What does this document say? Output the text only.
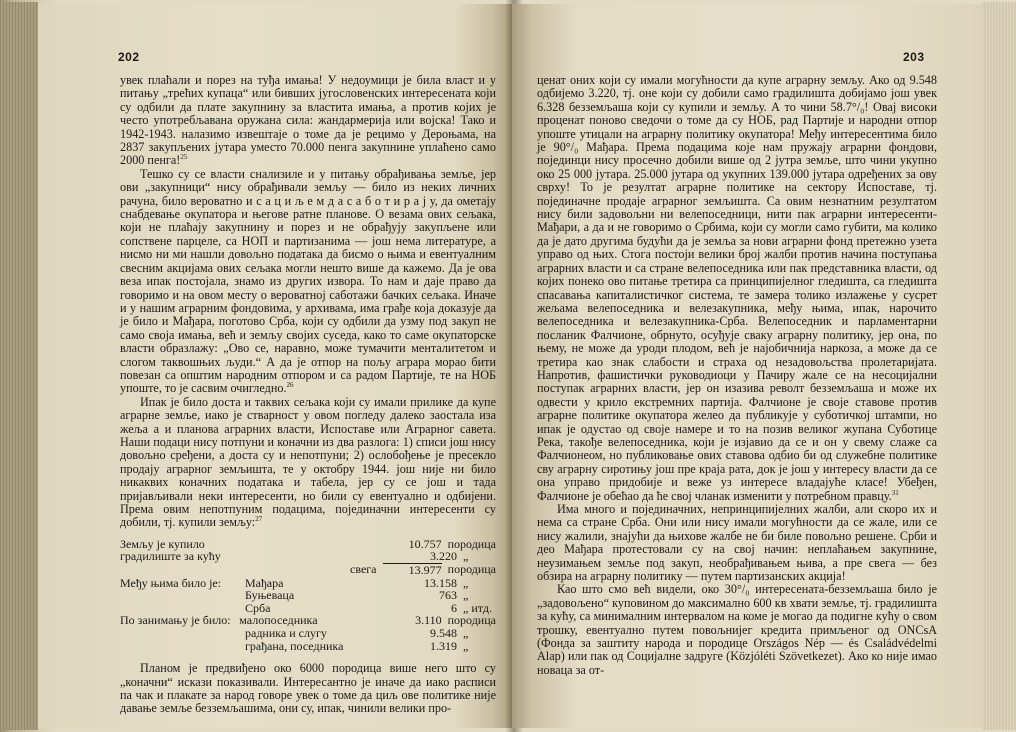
202

увек плаћали и порез на туђа имања! У недоумици је била власт и у питању „трећих купаца“ или бивших југословенских интересената који су одбили да плате закупнину за властита имања, а против којих је често употребљавана оружана сила: жандармерија или војска! Тако и 1942-1943. налазимо извештаје о томе да је рецимо у Дероњама, на 2837 закупљених јутара уместо 70.000 пенга закупнине уплаћено само 2000 пенга!$^{25}$

Тешко су се власти снализиле и у питању обрађивања земље, јер ови „закупници“ нису обрађивали земљу — било из неких личних рачуна, било вероватно и с а ц и љ е м д а с а б о т и р а ј у, да ометају снабдевање окупатора и његове ратне планове. О везама ових сељака, који не плаћају закупнину и порез и не обрађују закупљене или сопствене парцеле, са НОП и партизанима — још нема литературе, а нисмо ни ми нашли довољно података да бисмо о њима и евентуалним свесним акцијама ових сељака могли нешто више да кажемо. Да је ова веза ипак постојала, знамо из других извора. То нам и даје право да говоримо и на овом месту о вероватној саботажи бачких сељака. Иначе и у нашим аграрним фондовима, у архивама, има грађе која доказује да је било и Мађара, поготово Срба, који су одбили да узму под закуп не само своја имања, већ и земљу својих суседа, како то саме окупаторске власти образлажу: „Ово се, наравно, може тумачити менталитетом и слогом таквошњих људи.“ А да је отпор на пољу аграра морао бити повезан са општим народним отпором и са радом Партије, те на НОБ упоште, то је сасвим очигледно.$^{26}$

Ипак је било доста и таквих сељака који су имали прилике да купе аграрне земље, иако је стварност у овом погледу далеко заостала иза жеља а и планова аграрних власти, Испоставе или Аграрног савета. Наши подаци нису потпуни и коначни из два разлога: 1) списи још нису довољно сређени, а доста су и непотпуни; 2) ослобођење је пресекло продају аграрног земљишта, те у октобру 1944. још није ни било никаквих коначних података и табела, јер су се још и тада пријављивали неки интересенти, но били су евентуално и одбијени. Према овим непотпуним подацима, појединачни интересенти су добили, тј. купили земљу:$^{27}$

Земљу је купило	10.757 породица
градилиште за кућу	3.220 „
свега	13.977 породица
Међу њима било је:	Мађара	13.158 „
Буњеваца	763 „
Срба	6 „ итд.
По занимању је било: малопоседника	3.110 породица
радника и слугу	9.548 „
грађана, поседника	1.319 „

Планом је предвиђено око 6000 породица више него што су „коначни“ искази показивали. Интересантно је иначе да иако расписи па чак и плакате за народ говоре увек о томе да циљ ове политике није давање земље безземљашима, они су, ипак, чинили велики про-

203

ценат оних који су имали могућности да купе аграрну земљу. Ако од 9.548 одбијемо 3.220, тј. оне који су добили само градилишта добијамо још увек 6.328 безземљаша који су купили и земљу. А то чини 58.7°/₀! Овај високи проценат поново сведочи о томе да су НОБ, рад Партије и народни отпор упоште утицали на аграрну политику окупатора! Међу интересентима било је 90°/₀ Мађара. Према подацима које нам пружају аграрни фондови, појединци нису просечно добили више од 2 јутра земље, што чини укупно око 25 000 јутара. 25.000 јутара од укупних 139.000 јутара одређених за ову сврху! То је резултат аграрне политике на сектору Испоставе, тј. појединачне продаје аграрног земљишта. Са овим незнатним резултатом нису били задовољни ни велепоседници, нити пак аграрни интересенти-Мађари, а да и не говоримо о Србима, који су могли само губити, ма колико да је дато другима будући да је земља за нови аграрни фонд претежно узета управо од њих. Стога постоји велики број жалби против начина поступања аграрних власти и са стране велепоседника или пак представника власти, од којих понеко ово питање третира са принципијелног гледишта, са гледишта спасавања капиталистичког система, те замера толико излажење у сусрет жељама велепоседника и велезакупника, међу њима, ипак, нарочито велепоседника и велезакупника-Срба. Велепоседник и парламентарни посланик Фалчионе, обрнуто, осуђује сваку аграрну политику, јер она, по њему, не може да уроди плодом, већ је најобичнија наркоза, а може да се третира као знак слабости и страха од незадовољства пролетаријата. Напротив, фашистички руководиоци у Пачиру жале се на несоцијални поступак аграрних власти, јер он изазива револт безземљаша и може их одвести у крило екстремних партија. Фалчионе је своје ставове против аграрне политике окупатора желео да публикује у суботичкој штампи, но ипак је одустао од своје намере и то на позив великог жупана Суботице Река, такође велепоседника, који је изјавио да се и он у свему слаже са Фалчионеом, но публиковање ових ставова одбио би од служебне политике сву аграрну сиротињу још пре краја рата, док је још у интересу власти да се она управо придобије и веже уз интересе владајуће класе! Убеђен, Фалчионе је обећао да ће свој чланак изменити у потребном правцу.$^{31}$

Има много и појединачних, непринципијелних жалби, али скоро их и нема са стране Срба. Они или нису имали могућности да се жале, или се нису жалили, знајући да њихове жалбе не би биле повољно решене. Срби и део Мађара протестовали су на свој начин: неплаћањем закупнине, неузимањем земље под закуп, необрађивањем њива, а пре свега — без обзира на аграрну политику — путем партизанских акција!

Као што смо већ видели, око 30°/₀ интересената-безземљаша било је „задовољено“ куповином до максимално 600 кв хвати земље, тј. градилишта за кућу, са минималним интервалом на коме је могао да подигне кућу о свом трошку, евентуално путем повољнијег кредита примљеног од ONCsA (Фонда за заштиту народа и породице Országos Nép — és Családvédelmi Alap) или пак од Социјалне задруге (Közjóléti Szövetkezet). Ако ко није имао новаца за от-
